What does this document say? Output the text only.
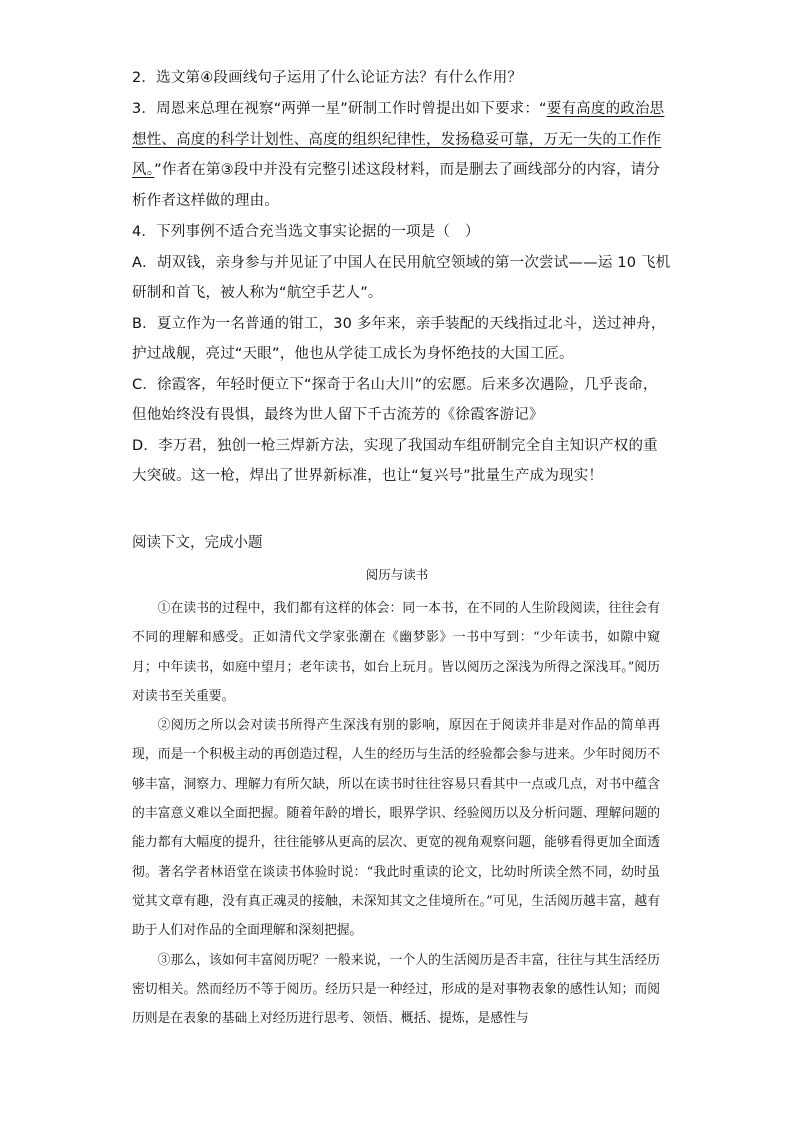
2．选文第④段画线句子运用了什么论证方法？有什么作用？

3．周恩来总理在视察“两弹一星”研制工作时曾提出如下要求：“要有高度的政治思想性、高度的科学计划性、高度的组织纪律性，发扬稳妥可靠，万无一失的工作作风。”作者在第③段中并没有完整引述这段材料，而是删去了画线部分的内容，请分析作者这样做的理由。

4．下列事例不适合充当选文事实论据的一项是（　）

A．胡双钱，亲身参与并见证了中国人在民用航空领域的第一次尝试——运 10 飞机研制和首飞，被人称为“航空手艺人”。

B．夏立作为一名普通的钳工，30 多年来，亲手装配的天线指过北斗，送过神舟，护过战舰，亮过“天眼”，他也从学徒工成长为身怀绝技的大国工匠。

C．徐霞客，年轻时便立下“探奇于名山大川”的宏愿。后来多次遇险，几乎丧命，但他始终没有畏惧，最终为世人留下千古流芳的《徐霞客游记》

D．李万君，独创一枪三焊新方法，实现了我国动车组研制完全自主知识产权的重大突破。这一枪，焊出了世界新标准，也让“复兴号”批量生产成为现实！

阅读下文，完成小题
阅历与读书

①在读书的过程中，我们都有这样的体会：同一本书，在不同的人生阶段阅读，往往会有不同的理解和感受。正如清代文学家张潮在《幽梦影》一书中写到：“少年读书，如隙中窥月；中年读书，如庭中望月；老年读书，如台上玩月。皆以阅历之深浅为所得之深浅耳。”阅历对读书至关重要。

②阅历之所以会对读书所得产生深浅有别的影响，原因在于阅读并非是对作品的简单再现，而是一个积极主动的再创造过程，人生的经历与生活的经验都会参与进来。少年时阅历不够丰富，洞察力、理解力有所欠缺，所以在读书时往往容易只看其中一点或几点，对书中蕴含的丰富意义难以全面把握。随着年龄的增长，眼界学识、经验阅历以及分析问题、理解问题的能力都有大幅度的提升，往往能够从更高的层次、更宽的视角观察问题，能够看得更加全面透彻。著名学者林语堂在谈读书体验时说：“我此时重读的论文，比幼时所读全然不同，幼时虽觉其文章有趣，没有真正魂灵的接触，未深知其文之佳境所在。”可见，生活阅历越丰富，越有助于人们对作品的全面理解和深刻把握。

③那么，该如何丰富阅历呢？一般来说，一个人的生活阅历是否丰富，往往与其生活经历密切相关。然而经历不等于阅历。经历只是一种经过，形成的是对事物表象的感性认知；而阅历则是在表象的基础上对经历进行思考、领悟、概括、提炼，是感性与
